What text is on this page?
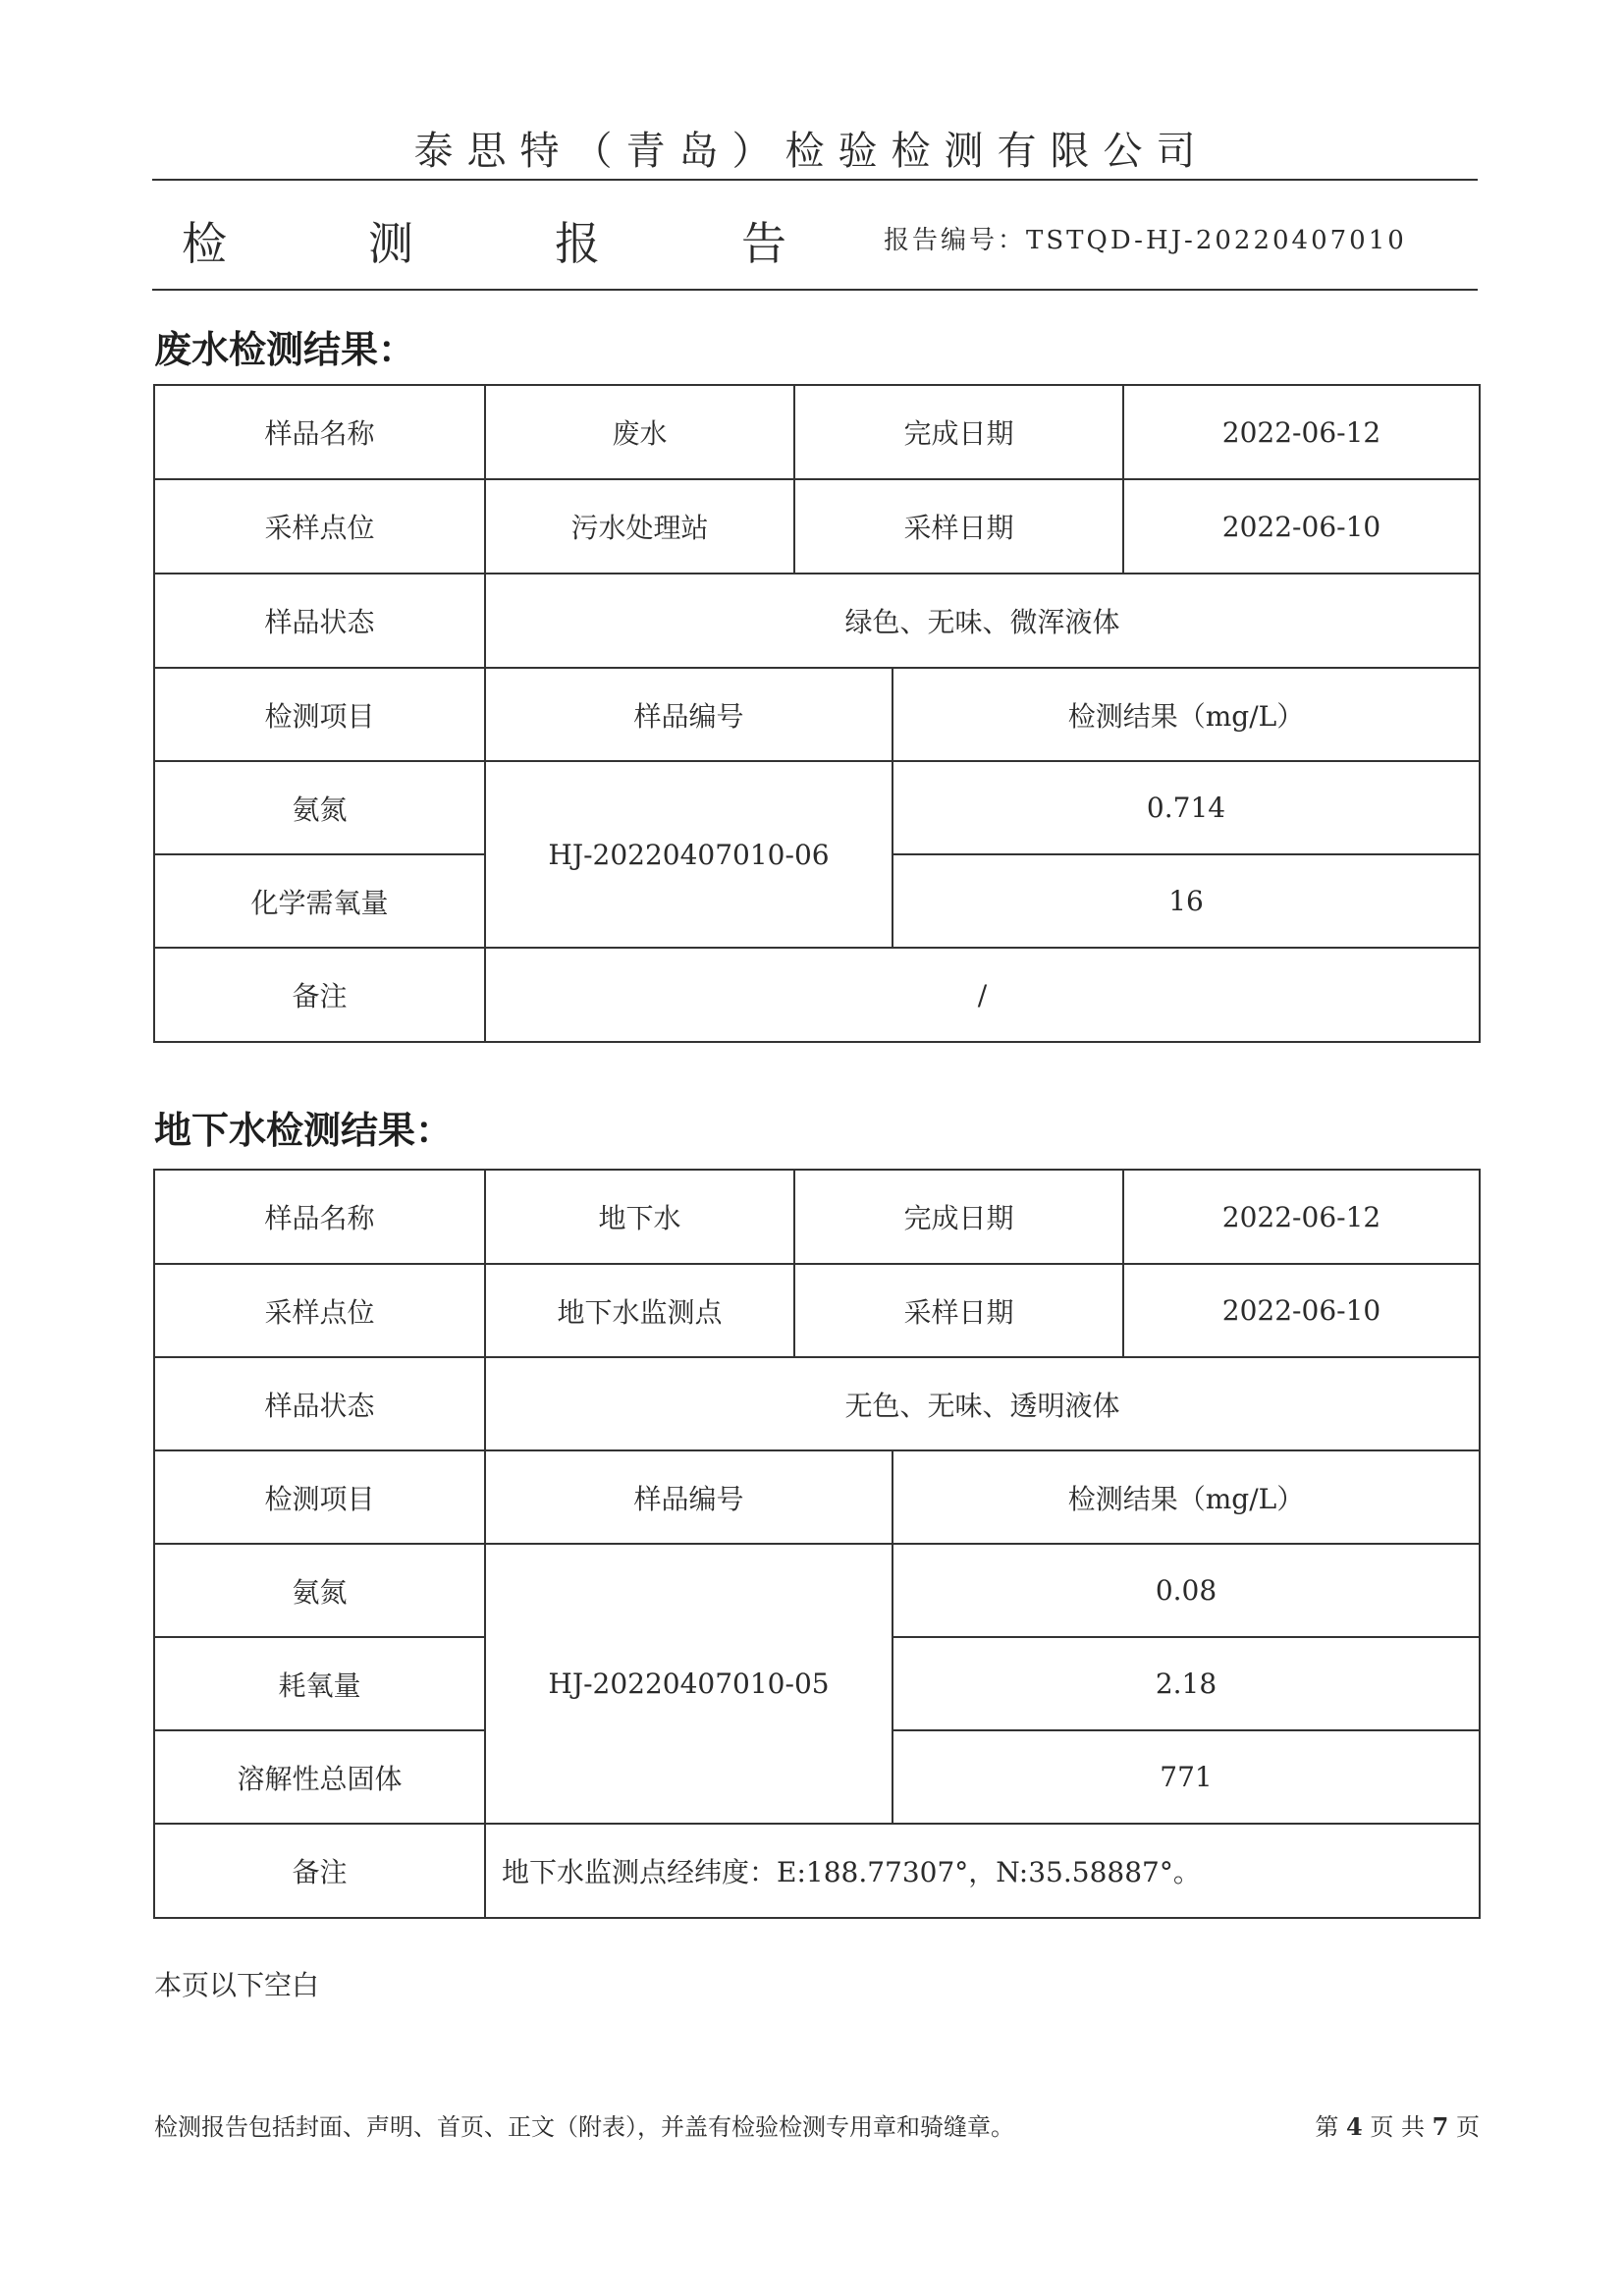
泰思特（青岛）检验检测有限公司
检	测	报	告	报告编号：TSTQD-HJ-20220407010
废水检测结果：
样品名称	废水	完成日期		2022-06-12
采样点位	污水处理站	采样日期		2022-06-10
样品状态	绿色、无味、微浑液体			
检测项目	样品编号		检测结果（mg/L）	
氨氮	HJ-20220407010-06		0.714	
化学需氧量			16	
备注	/			
地下水检测结果：
样品名称	地下水	完成日期		2022-06-12
采样点位	地下水监测点	采样日期		2022-06-10
样品状态	无色、无味、透明液体			
检测项目	样品编号		检测结果（mg/L）	
氨氮	HJ-20220407010-05		0.08	
耗氧量			2.18	
溶解性总固体			771	
备注	地下水监测点经纬度：E:188.77307°，N:35.58887°。			
本页以下空白
检测报告包括封面、声明、首页、正文（附表），并盖有检验检测专用章和骑缝章。	第 4 页 共 7 页
